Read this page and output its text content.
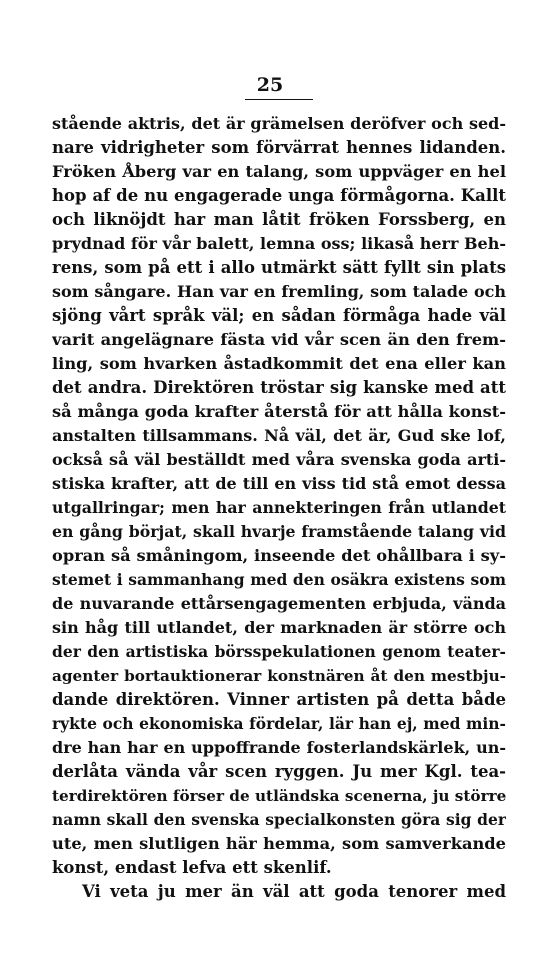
25
stående aktris, det är grämelsen deröfver och sed-
nare vidrigheter som förvärrat hennes lidanden.
Fröken Åberg var en talang, som uppväger en hel
hop af de nu engagerade unga förmågorna. Kallt
och liknöjdt har man låtit fröken Forssberg, en
prydnad för vår balett, lemna oss; likaså herr Beh-
rens, som på ett i allo utmärkt sätt fyllt sin plats
som sångare. Han var en fremling, som talade och
sjöng vårt språk väl; en sådan förmåga hade väl
varit angelägnare fästa vid vår scen än den frem-
ling, som hvarken åstadkommit det ena eller kan
det andra. Direktören tröstar sig kanske med att
så många goda krafter återstå för att hålla konst-
anstalten tillsammans. Nå väl, det är, Gud ske lof,
också så väl beställdt med våra svenska goda arti-
stiska krafter, att de till en viss tid stå emot dessa
utgallringar; men har annekteringen från utlandet
en gång börjat, skall hvarje framstående talang vid
opran så småningom, inseende det ohållbara i sy-
stemet i sammanhang med den osäkra existens som
de nuvarande ettårsengagementen erbjuda, vända
sin håg till utlandet, der marknaden är större och
der den artistiska börsspekulationen genom teater-
agenter bortauktionerar konstnären åt den mestbju-
dande direktören. Vinner artisten på detta både
rykte och ekonomiska fördelar, lär han ej, med min-
dre han har en uppoffrande fosterlandskärlek, un-
derlåta vända vår scen ryggen. Ju mer Kgl. tea-
terdirektören förser de utländska scenerna, ju större
namn skall den svenska specialkonsten göra sig der
ute, men slutligen här hemma, som samverkande
konst, endast lefva ett skenlif.
Vi veta ju mer än väl att goda tenorer med
